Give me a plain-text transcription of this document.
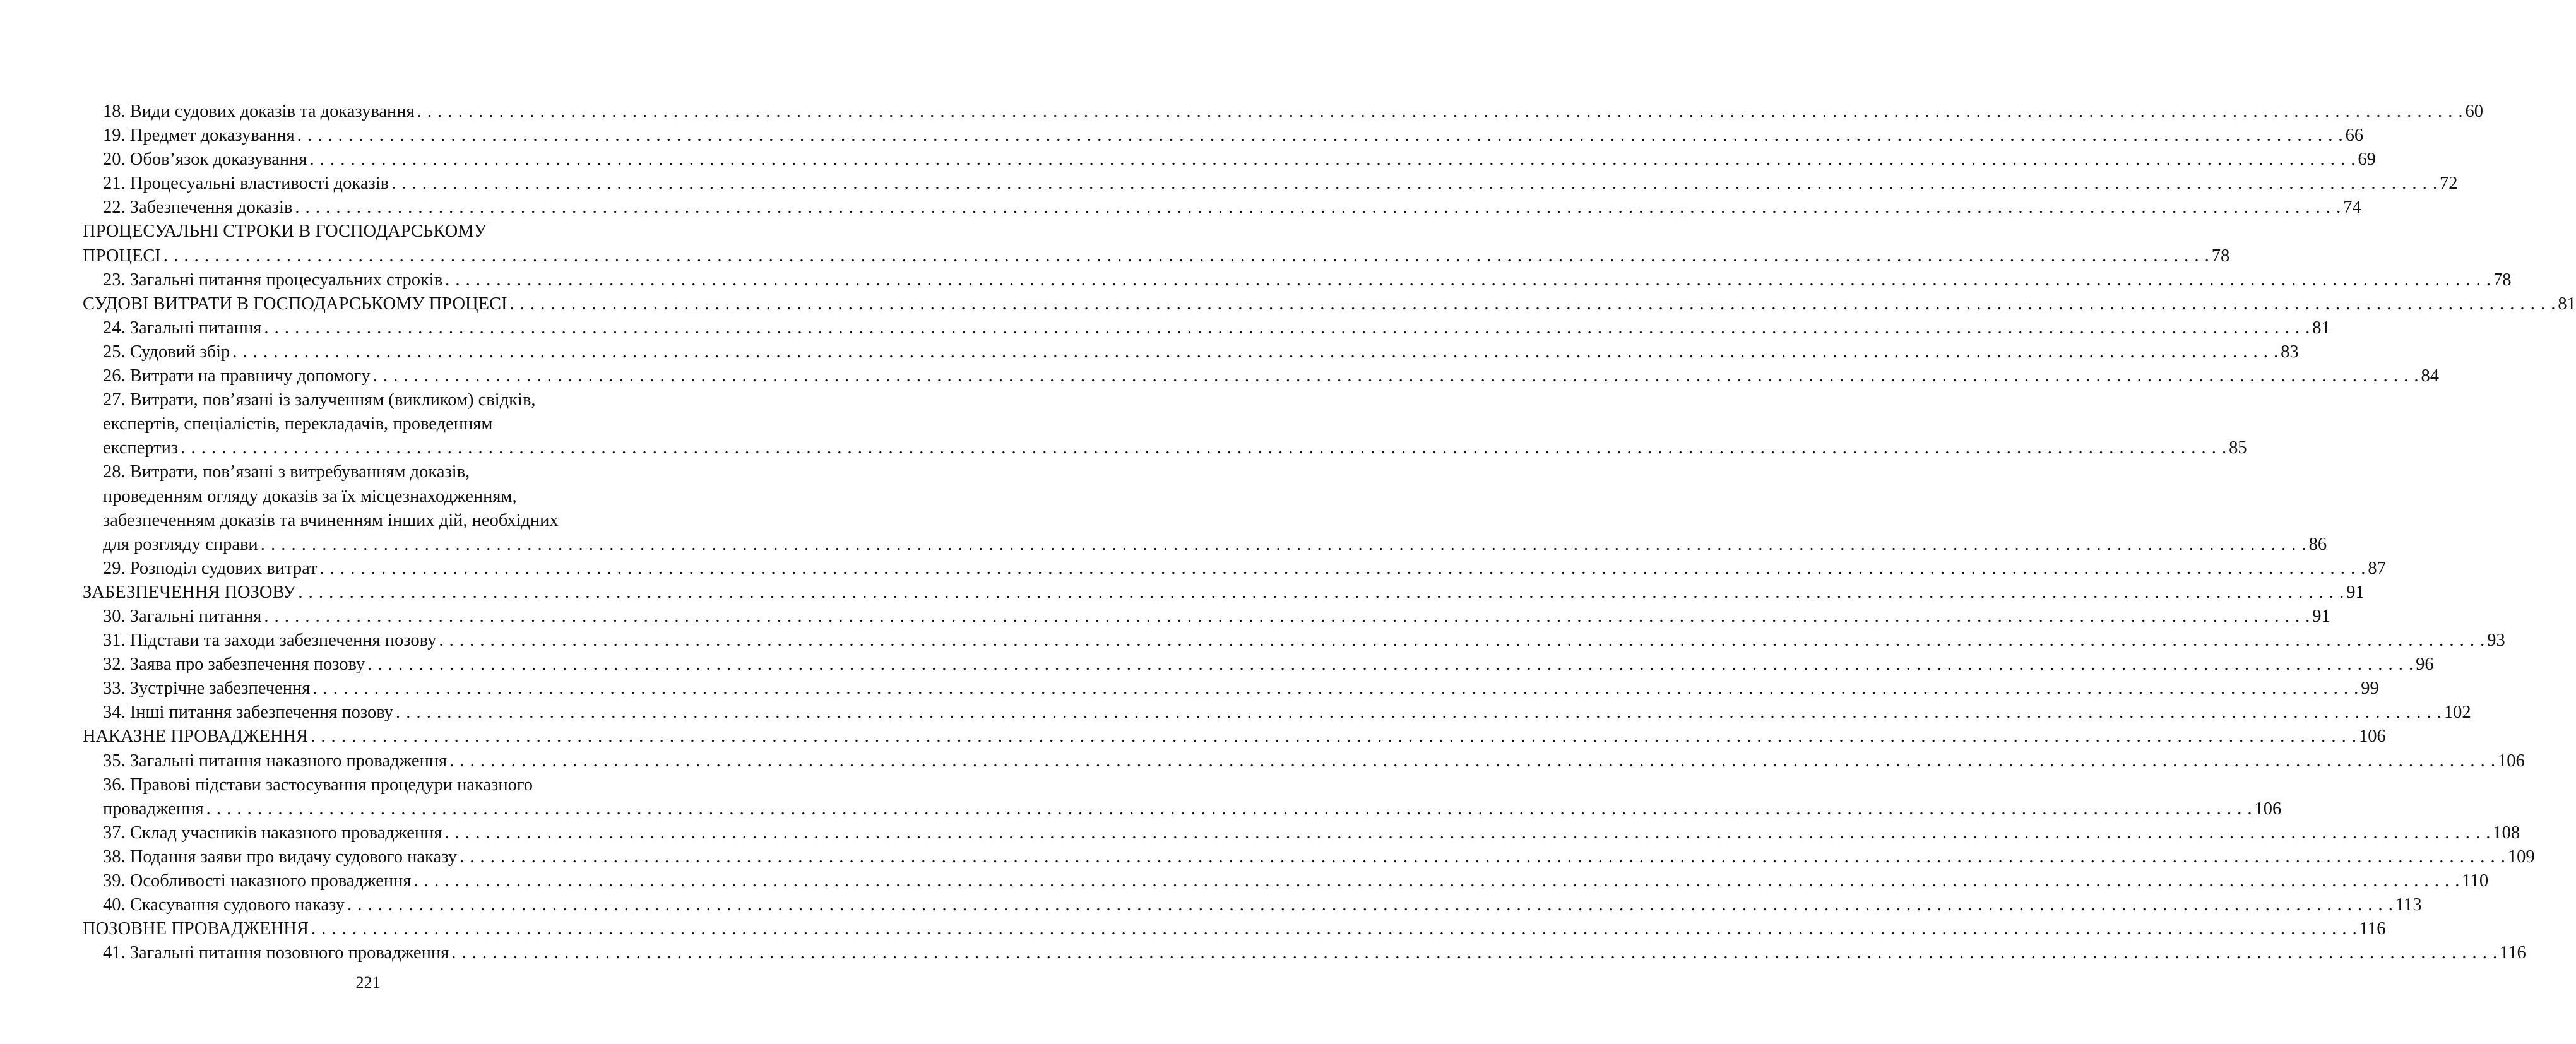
18. Види судових доказів та доказування . . . . . . . . . . . . . . . . . . . . . . . . . . . . . . . . . . . . . . . . . . . . . . . . . . . . . . . . . . . . . . . . . . . . . . . . . . . . . . . . . . . . . . . . . . . . . . . . . . . . . . . . . . . . . . . . . . . . . . . . . . . . . . . . . . . . . . . . . . . . . . . . . . . . . . . . . . . . . . . . . . . . . . . . . . . . . . . . . . . . . . . . . . . . . . . . . . . . . . . . 60
19. Предмет доказування . . . . . . . . . . . . . . . . . . . . . . . . . . . . . . . . . . . . . . . . . . . . . . . . . . . . . . . . . . . . . . . . . . . . . . . . . . . . . . . . . . . . . . . . . . . . . . . . . . . . . . . . . . . . . . . . . . . . . . . . . . . . . . . . . . . . . . . . . . . . . . . . . . . . . . . . . . . . . . . . . . . . . . . . . . . . . . . . . . . . . . . . . . . . . . . . . . . . . . . . 66
20. Обов’язок доказування . . . . . . . . . . . . . . . . . . . . . . . . . . . . . . . . . . . . . . . . . . . . . . . . . . . . . . . . . . . . . . . . . . . . . . . . . . . . . . . . . . . . . . . . . . . . . . . . . . . . . . . . . . . . . . . . . . . . . . . . . . . . . . . . . . . . . . . . . . . . . . . . . . . . . . . . . . . . . . . . . . . . . . . . . . . . . . . . . . . . . . . . . . . . . . . . . . . . . . . . 69
21. Процесуальні властивості доказів . . . . . . . . . . . . . . . . . . . . . . . . . . . . . . . . . . . . . . . . . . . . . . . . . . . . . . . . . . . . . . . . . . . . . . . . . . . . . . . . . . . . . . . . . . . . . . . . . . . . . . . . . . . . . . . . . . . . . . . . . . . . . . . . . . . . . . . . . . . . . . . . . . . . . . . . . . . . . . . . . . . . . . . . . . . . . . . . . . . . . . . . . . . . . . . . . . . . . . . . 72
22. Забезпечення доказів . . . . . . . . . . . . . . . . . . . . . . . . . . . . . . . . . . . . . . . . . . . . . . . . . . . . . . . . . . . . . . . . . . . . . . . . . . . . . . . . . . . . . . . . . . . . . . . . . . . . . . . . . . . . . . . . . . . . . . . . . . . . . . . . . . . . . . . . . . . . . . . . . . . . . . . . . . . . . . . . . . . . . . . . . . . . . . . . . . . . . . . . . . . . . . . . . . . . . . . . 74
ПРОЦЕСУАЛЬНІ СТРОКИ В ГОСПОДАРСЬКОМУ
ПРОЦЕСІ . . . . . . . . . . . . . . . . . . . . . . . . . . . . . . . . . . . . . . . . . . . . . . . . . . . . . . . . . . . . . . . . . . . . . . . . . . . . . . . . . . . . . . . . . . . . . . . . . . . . . . . . . . . . . . . . . . . . . . . . . . . . . . . . . . . . . . . . . . . . . . . . . . . . . . . . . . . . . . . . . . . . . . . . . . . . . . . . . . . . . . . . . . . . . . . . . . . . . . . . 78
23. Загальні питання процесуальних строків . . . . . . . . . . . . . . . . . . . . . . . . . . . . . . . . . . . . . . . . . . . . . . . . . . . . . . . . . . . . . . . . . . . . . . . . . . . . . . . . . . . . . . . . . . . . . . . . . . . . . . . . . . . . . . . . . . . . . . . . . . . . . . . . . . . . . . . . . . . . . . . . . . . . . . . . . . . . . . . . . . . . . . . . . . . . . . . . . . . . . . . . . . . . . . . . . . . . . . . . 78
СУДОВІ ВИТРАТИ В ГОСПОДАРСЬКОМУ ПРОЦЕСІ . . . . . . . . . . . . . . . . . . . . . . . . . . . . . . . . . . . . . . . . . . . . . . . . . . . . . . . . . . . . . . . . . . . . . . . . . . . . . . . . . . . . . . . . . . . . . . . . . . . . . . . . . . . . . . . . . . . . . . . . . . . . . . . . . . . . . . . . . . . . . . . . . . . . . . . . . . . . . . . . . . . . . . . . . . . . . . . . . . . . . . . . . . . . . . . . . . . . . . . . 81
24. Загальні питання . . . . . . . . . . . . . . . . . . . . . . . . . . . . . . . . . . . . . . . . . . . . . . . . . . . . . . . . . . . . . . . . . . . . . . . . . . . . . . . . . . . . . . . . . . . . . . . . . . . . . . . . . . . . . . . . . . . . . . . . . . . . . . . . . . . . . . . . . . . . . . . . . . . . . . . . . . . . . . . . . . . . . . . . . . . . . . . . . . . . . . . . . . . . . . . . . . . . . . . . 81
25. Судовий збір . . . . . . . . . . . . . . . . . . . . . . . . . . . . . . . . . . . . . . . . . . . . . . . . . . . . . . . . . . . . . . . . . . . . . . . . . . . . . . . . . . . . . . . . . . . . . . . . . . . . . . . . . . . . . . . . . . . . . . . . . . . . . . . . . . . . . . . . . . . . . . . . . . . . . . . . . . . . . . . . . . . . . . . . . . . . . . . . . . . . . . . . . . . . . . . . . . . . . . . . 83
26. Витрати на правничу допомогу . . . . . . . . . . . . . . . . . . . . . . . . . . . . . . . . . . . . . . . . . . . . . . . . . . . . . . . . . . . . . . . . . . . . . . . . . . . . . . . . . . . . . . . . . . . . . . . . . . . . . . . . . . . . . . . . . . . . . . . . . . . . . . . . . . . . . . . . . . . . . . . . . . . . . . . . . . . . . . . . . . . . . . . . . . . . . . . . . . . . . . . . . . . . . . . . . . . . . . . . 84
27. Витрати, пов’язані із залученням (викликом) свідків,
експертів, спеціалістів, перекладачів, проведенням
експертиз . . . . . . . . . . . . . . . . . . . . . . . . . . . . . . . . . . . . . . . . . . . . . . . . . . . . . . . . . . . . . . . . . . . . . . . . . . . . . . . . . . . . . . . . . . . . . . . . . . . . . . . . . . . . . . . . . . . . . . . . . . . . . . . . . . . . . . . . . . . . . . . . . . . . . . . . . . . . . . . . . . . . . . . . . . . . . . . . . . . . . . . . . . . . . . . . . . . . . . . . 85
28. Витрати, пов’язані з витребуванням доказів,
проведенням огляду доказів за їх місцезнаходженням,
забезпеченням доказів та вчиненням інших дій, необхідних
для розгляду справи . . . . . . . . . . . . . . . . . . . . . . . . . . . . . . . . . . . . . . . . . . . . . . . . . . . . . . . . . . . . . . . . . . . . . . . . . . . . . . . . . . . . . . . . . . . . . . . . . . . . . . . . . . . . . . . . . . . . . . . . . . . . . . . . . . . . . . . . . . . . . . . . . . . . . . . . . . . . . . . . . . . . . . . . . . . . . . . . . . . . . . . . . . . . . . . . . . . . . . . . 86
29. Розподіл судових витрат . . . . . . . . . . . . . . . . . . . . . . . . . . . . . . . . . . . . . . . . . . . . . . . . . . . . . . . . . . . . . . . . . . . . . . . . . . . . . . . . . . . . . . . . . . . . . . . . . . . . . . . . . . . . . . . . . . . . . . . . . . . . . . . . . . . . . . . . . . . . . . . . . . . . . . . . . . . . . . . . . . . . . . . . . . . . . . . . . . . . . . . . . . . . . . . . . . . . . . . . 87
ЗАБЕЗПЕЧЕННЯ ПОЗОВУ . . . . . . . . . . . . . . . . . . . . . . . . . . . . . . . . . . . . . . . . . . . . . . . . . . . . . . . . . . . . . . . . . . . . . . . . . . . . . . . . . . . . . . . . . . . . . . . . . . . . . . . . . . . . . . . . . . . . . . . . . . . . . . . . . . . . . . . . . . . . . . . . . . . . . . . . . . . . . . . . . . . . . . . . . . . . . . . . . . . . . . . . . . . . . . . . . . . . . . . . 91
30. Загальні питання . . . . . . . . . . . . . . . . . . . . . . . . . . . . . . . . . . . . . . . . . . . . . . . . . . . . . . . . . . . . . . . . . . . . . . . . . . . . . . . . . . . . . . . . . . . . . . . . . . . . . . . . . . . . . . . . . . . . . . . . . . . . . . . . . . . . . . . . . . . . . . . . . . . . . . . . . . . . . . . . . . . . . . . . . . . . . . . . . . . . . . . . . . . . . . . . . . . . . . . . 91
31. Підстави та заходи забезпечення позову . . . . . . . . . . . . . . . . . . . . . . . . . . . . . . . . . . . . . . . . . . . . . . . . . . . . . . . . . . . . . . . . . . . . . . . . . . . . . . . . . . . . . . . . . . . . . . . . . . . . . . . . . . . . . . . . . . . . . . . . . . . . . . . . . . . . . . . . . . . . . . . . . . . . . . . . . . . . . . . . . . . . . . . . . . . . . . . . . . . . . . . . . . . . . . . . . . . . . . . . 93
32. Заява про забезпечення позову . . . . . . . . . . . . . . . . . . . . . . . . . . . . . . . . . . . . . . . . . . . . . . . . . . . . . . . . . . . . . . . . . . . . . . . . . . . . . . . . . . . . . . . . . . . . . . . . . . . . . . . . . . . . . . . . . . . . . . . . . . . . . . . . . . . . . . . . . . . . . . . . . . . . . . . . . . . . . . . . . . . . . . . . . . . . . . . . . . . . . . . . . . . . . . . . . . . . . . . . 96
33. Зустрічне забезпечення . . . . . . . . . . . . . . . . . . . . . . . . . . . . . . . . . . . . . . . . . . . . . . . . . . . . . . . . . . . . . . . . . . . . . . . . . . . . . . . . . . . . . . . . . . . . . . . . . . . . . . . . . . . . . . . . . . . . . . . . . . . . . . . . . . . . . . . . . . . . . . . . . . . . . . . . . . . . . . . . . . . . . . . . . . . . . . . . . . . . . . . . . . . . . . . . . . . . . . . . 99
34. Інші питання забезпечення позову . . . . . . . . . . . . . . . . . . . . . . . . . . . . . . . . . . . . . . . . . . . . . . . . . . . . . . . . . . . . . . . . . . . . . . . . . . . . . . . . . . . . . . . . . . . . . . . . . . . . . . . . . . . . . . . . . . . . . . . . . . . . . . . . . . . . . . . . . . . . . . . . . . . . . . . . . . . . . . . . . . . . . . . . . . . . . . . . . . . . . . . . . . . . . . . . . . . . . . . . 102
НАКАЗНЕ ПРОВАДЖЕННЯ . . . . . . . . . . . . . . . . . . . . . . . . . . . . . . . . . . . . . . . . . . . . . . . . . . . . . . . . . . . . . . . . . . . . . . . . . . . . . . . . . . . . . . . . . . . . . . . . . . . . . . . . . . . . . . . . . . . . . . . . . . . . . . . . . . . . . . . . . . . . . . . . . . . . . . . . . . . . . . . . . . . . . . . . . . . . . . . . . . . . . . . . . . . . . . . . . . . . . . . . 106
35. Загальні питання наказного провадження . . . . . . . . . . . . . . . . . . . . . . . . . . . . . . . . . . . . . . . . . . . . . . . . . . . . . . . . . . . . . . . . . . . . . . . . . . . . . . . . . . . . . . . . . . . . . . . . . . . . . . . . . . . . . . . . . . . . . . . . . . . . . . . . . . . . . . . . . . . . . . . . . . . . . . . . . . . . . . . . . . . . . . . . . . . . . . . . . . . . . . . . . . . . . . . . . . . . . . . . 106
36. Правові підстави застосування процедури наказного
провадження . . . . . . . . . . . . . . . . . . . . . . . . . . . . . . . . . . . . . . . . . . . . . . . . . . . . . . . . . . . . . . . . . . . . . . . . . . . . . . . . . . . . . . . . . . . . . . . . . . . . . . . . . . . . . . . . . . . . . . . . . . . . . . . . . . . . . . . . . . . . . . . . . . . . . . . . . . . . . . . . . . . . . . . . . . . . . . . . . . . . . . . . . . . . . . . . . . . . . . . . 106
37. Склад учасників наказного провадження . . . . . . . . . . . . . . . . . . . . . . . . . . . . . . . . . . . . . . . . . . . . . . . . . . . . . . . . . . . . . . . . . . . . . . . . . . . . . . . . . . . . . . . . . . . . . . . . . . . . . . . . . . . . . . . . . . . . . . . . . . . . . . . . . . . . . . . . . . . . . . . . . . . . . . . . . . . . . . . . . . . . . . . . . . . . . . . . . . . . . . . . . . . . . . . . . . . . . . . . 108
38. Подання заяви про видачу судового наказу . . . . . . . . . . . . . . . . . . . . . . . . . . . . . . . . . . . . . . . . . . . . . . . . . . . . . . . . . . . . . . . . . . . . . . . . . . . . . . . . . . . . . . . . . . . . . . . . . . . . . . . . . . . . . . . . . . . . . . . . . . . . . . . . . . . . . . . . . . . . . . . . . . . . . . . . . . . . . . . . . . . . . . . . . . . . . . . . . . . . . . . . . . . . . . . . . . . . . . . . 109
39. Особливості наказного провадження . . . . . . . . . . . . . . . . . . . . . . . . . . . . . . . . . . . . . . . . . . . . . . . . . . . . . . . . . . . . . . . . . . . . . . . . . . . . . . . . . . . . . . . . . . . . . . . . . . . . . . . . . . . . . . . . . . . . . . . . . . . . . . . . . . . . . . . . . . . . . . . . . . . . . . . . . . . . . . . . . . . . . . . . . . . . . . . . . . . . . . . . . . . . . . . . . . . . . . . . 110
40. Скасування судового наказу . . . . . . . . . . . . . . . . . . . . . . . . . . . . . . . . . . . . . . . . . . . . . . . . . . . . . . . . . . . . . . . . . . . . . . . . . . . . . . . . . . . . . . . . . . . . . . . . . . . . . . . . . . . . . . . . . . . . . . . . . . . . . . . . . . . . . . . . . . . . . . . . . . . . . . . . . . . . . . . . . . . . . . . . . . . . . . . . . . . . . . . . . . . . . . . . . . . . . . . . 113
ПОЗОВНЕ ПРОВАДЖЕННЯ . . . . . . . . . . . . . . . . . . . . . . . . . . . . . . . . . . . . . . . . . . . . . . . . . . . . . . . . . . . . . . . . . . . . . . . . . . . . . . . . . . . . . . . . . . . . . . . . . . . . . . . . . . . . . . . . . . . . . . . . . . . . . . . . . . . . . . . . . . . . . . . . . . . . . . . . . . . . . . . . . . . . . . . . . . . . . . . . . . . . . . . . . . . . . . . . . . . . . . . . 116
41. Загальні питання позовного провадження . . . . . . . . . . . . . . . . . . . . . . . . . . . . . . . . . . . . . . . . . . . . . . . . . . . . . . . . . . . . . . . . . . . . . . . . . . . . . . . . . . . . . . . . . . . . . . . . . . . . . . . . . . . . . . . . . . . . . . . . . . . . . . . . . . . . . . . . . . . . . . . . . . . . . . . . . . . . . . . . . . . . . . . . . . . . . . . . . . . . . . . . . . . . . . . . . . . . . . . . 116
221
